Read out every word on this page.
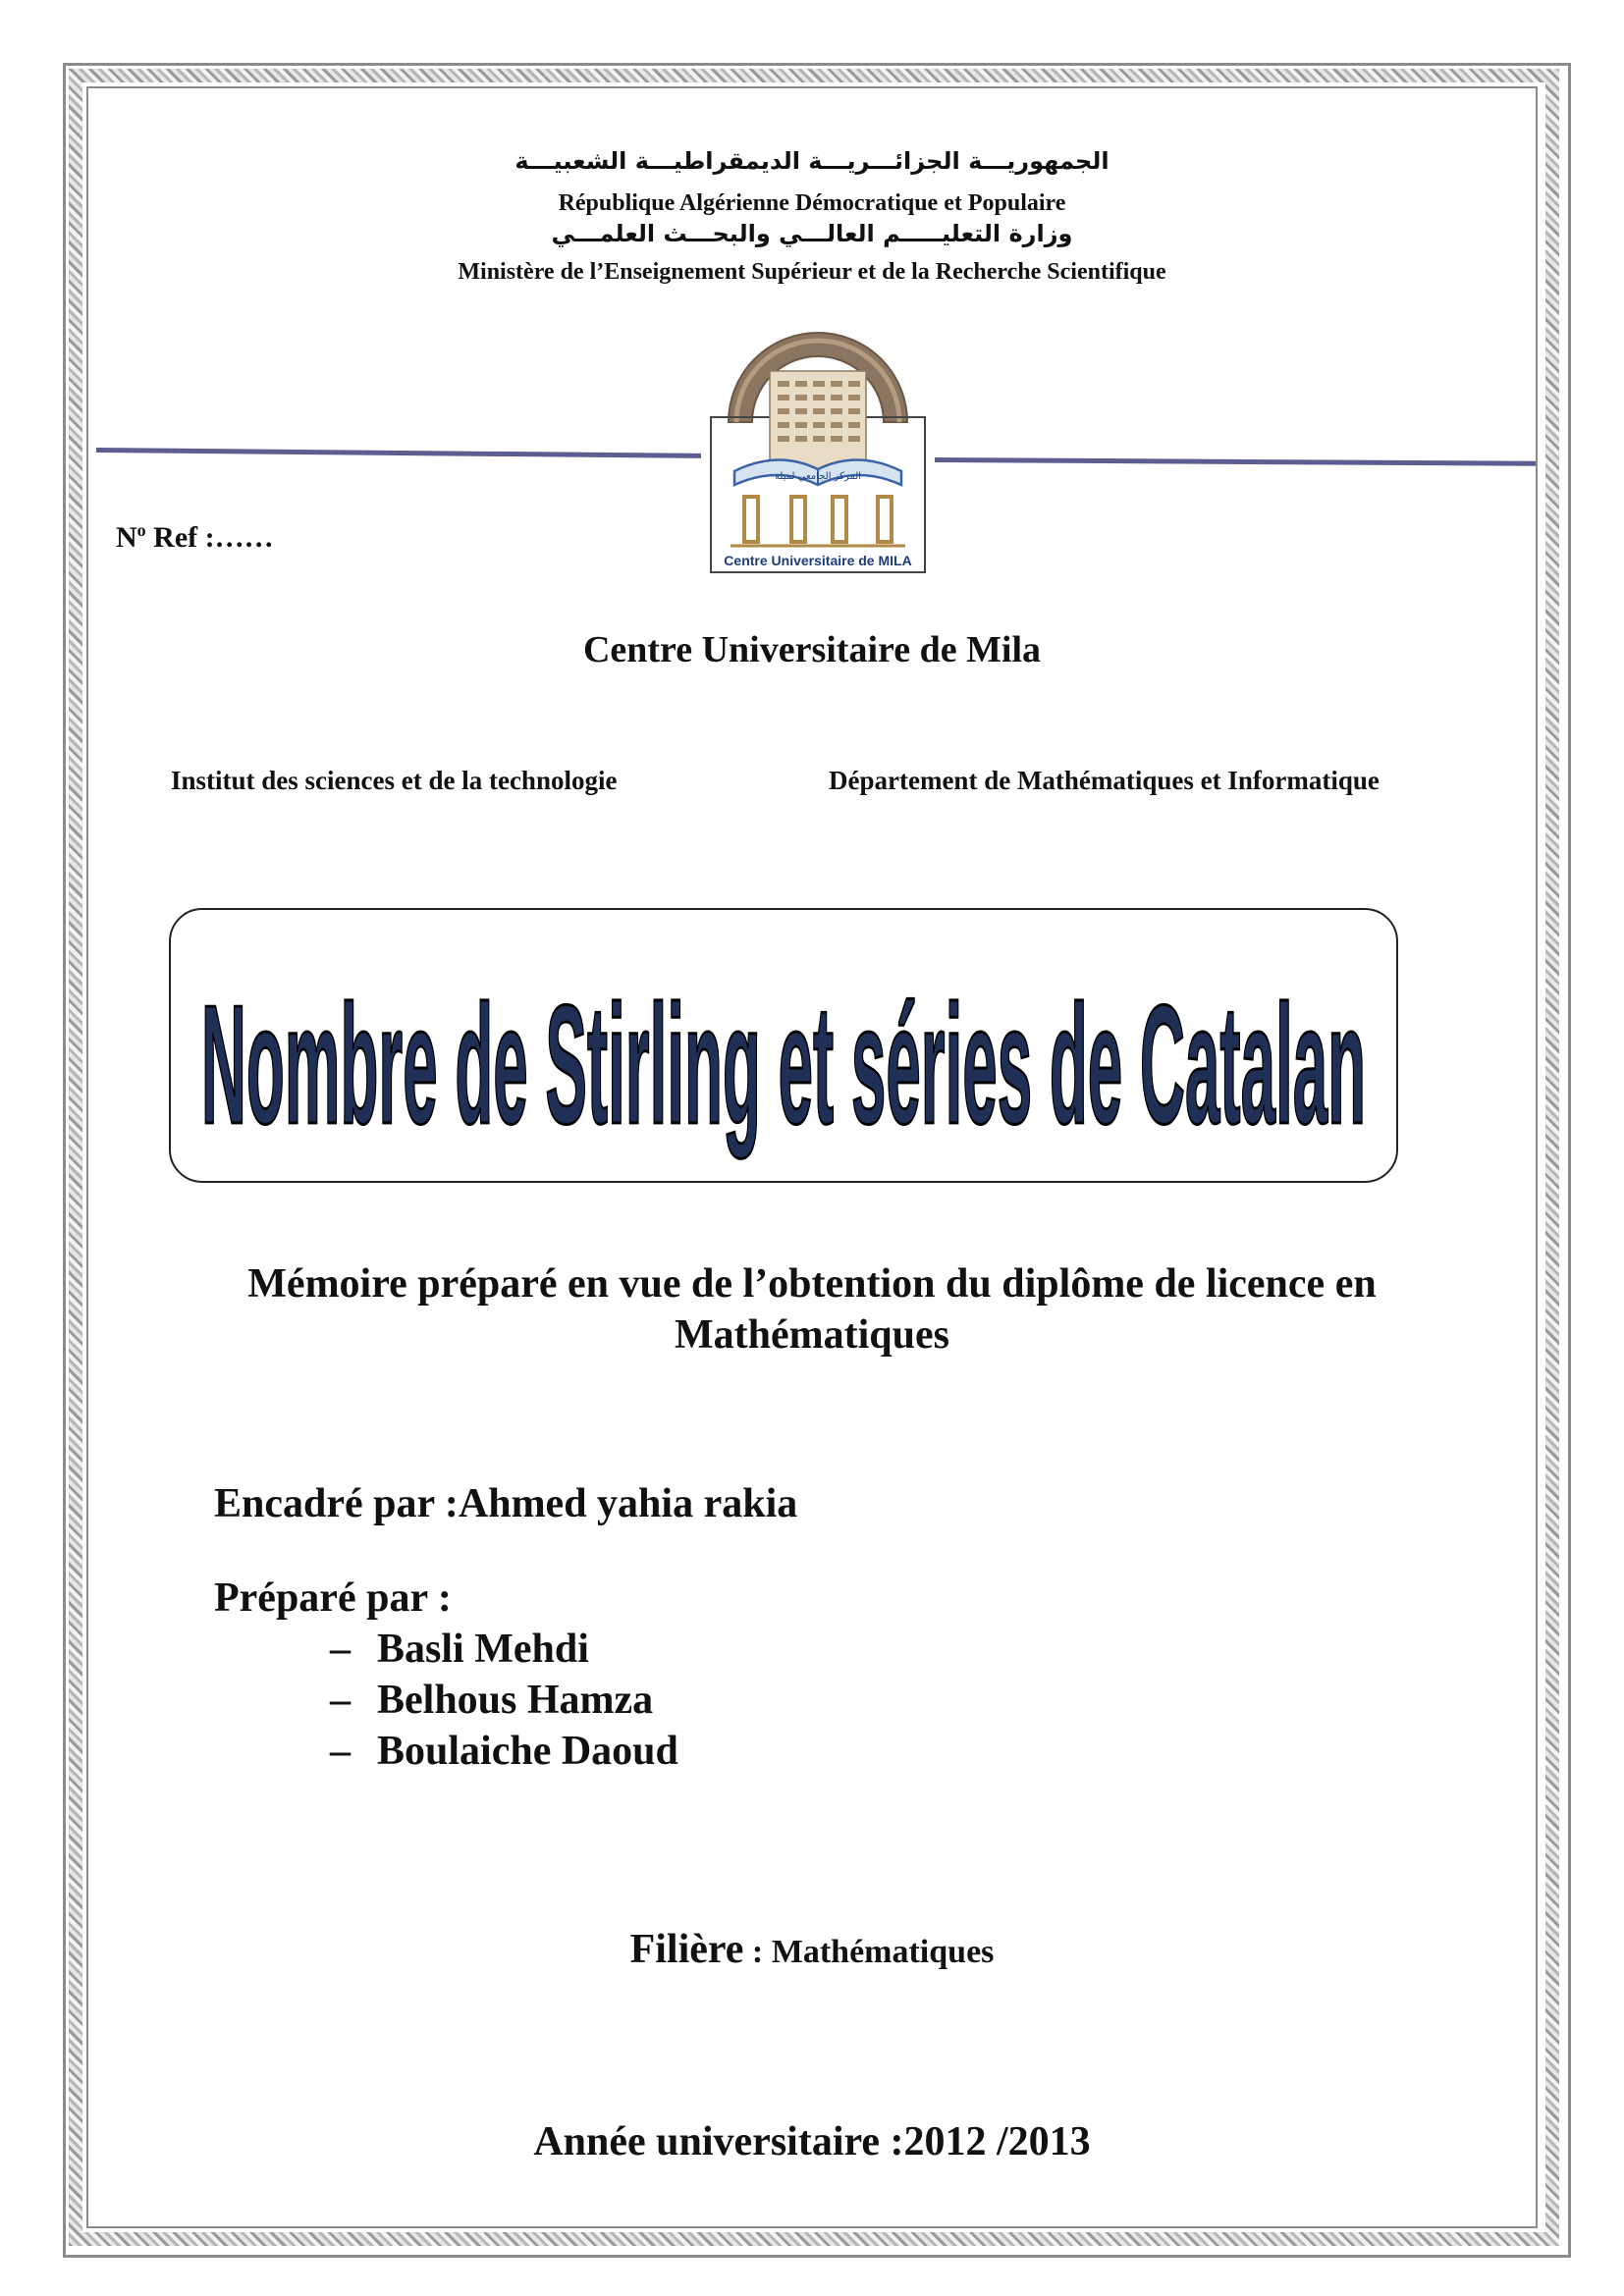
الجمهوريـــة الجزائـــريـــة الديمقراطيـــة الشعبيـــة
République Algérienne Démocratique et Populaire
وزارة التعليـــــم العالـــي والبحـــث العلمـــي
Ministère de l’Enseignement Supérieur et de la Recherche Scientifique
المركز الجامعي لميلة
Centre Universitaire de MILA
$N^o$ Ref :……
Centre Universitaire de Mila
Institut des sciences et de la technologie	Département de Mathématiques et Informatique
Nombre de Stirling et séries de Catalan
Mémoire préparé en vue de l’obtention du diplôme de licence en
Mathématiques
Encadré par :Ahmed yahia rakia
Préparé par :
– Basli Mehdi
– Belhous Hamza
– Boulaiche Daoud
Filière : Mathématiques
Année universitaire :2012 /2013
